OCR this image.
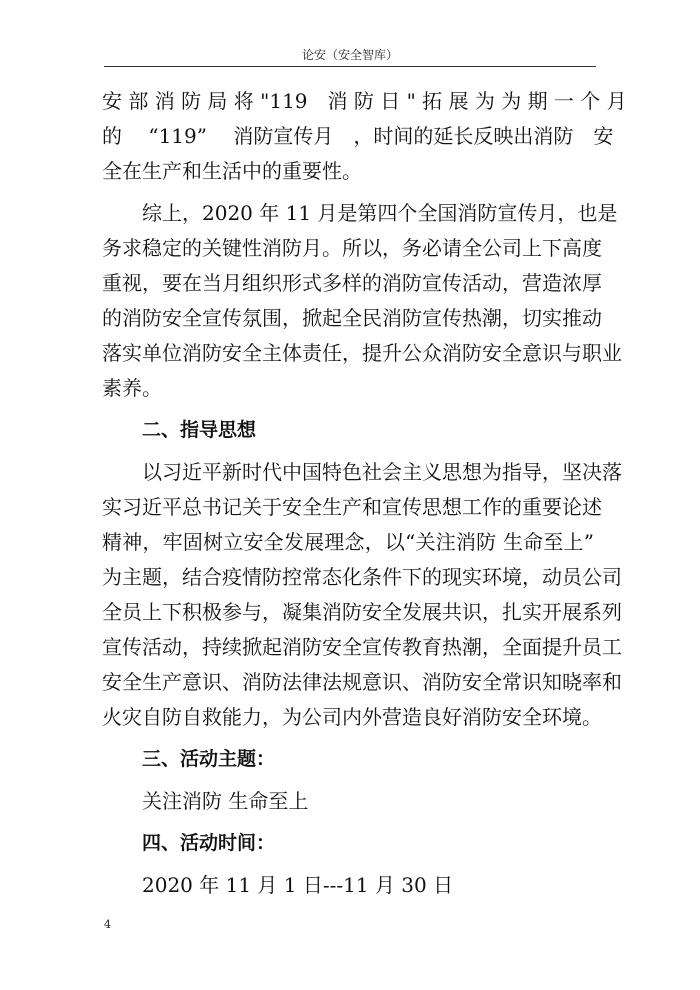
论安（安全智库）
安 部 消 防 局 将 "119　消 防 日 " 拓 展 为 为 期 一 个 月
的　 “119”　 消防宣传月　，时间的延长反映出消防　安
全在生产和生活中的重要性。
综上，2020 年 11 月是第四个全国消防宣传月，也是
务求稳定的关键性消防月。所以，务必请全公司上下高度
重视，要在当月组织形式多样的消防宣传活动，营造浓厚
的消防安全宣传氛围，掀起全民消防宣传热潮，切实推动
落实单位消防安全主体责任，提升公众消防安全意识与职业
素养。
二、指导思想
以习近平新时代中国特色社会主义思想为指导，坚决落
实习近平总书记关于安全生产和宣传思想工作的重要论述
精神，牢固树立安全发展理念，以“关注消防 生命至上”
为主题，结合疫情防控常态化条件下的现实环境，动员公司
全员上下积极参与，凝集消防安全发展共识，扎实开展系列
宣传活动，持续掀起消防安全宣传教育热潮，全面提升员工
安全生产意识、消防法律法规意识、消防安全常识知晓率和
火灾自防自救能力，为公司内外营造良好消防安全环境。
三、活动主题：
关注消防 生命至上
四、活动时间：
2020 年 11 月 1 日---11 月 30 日
4
